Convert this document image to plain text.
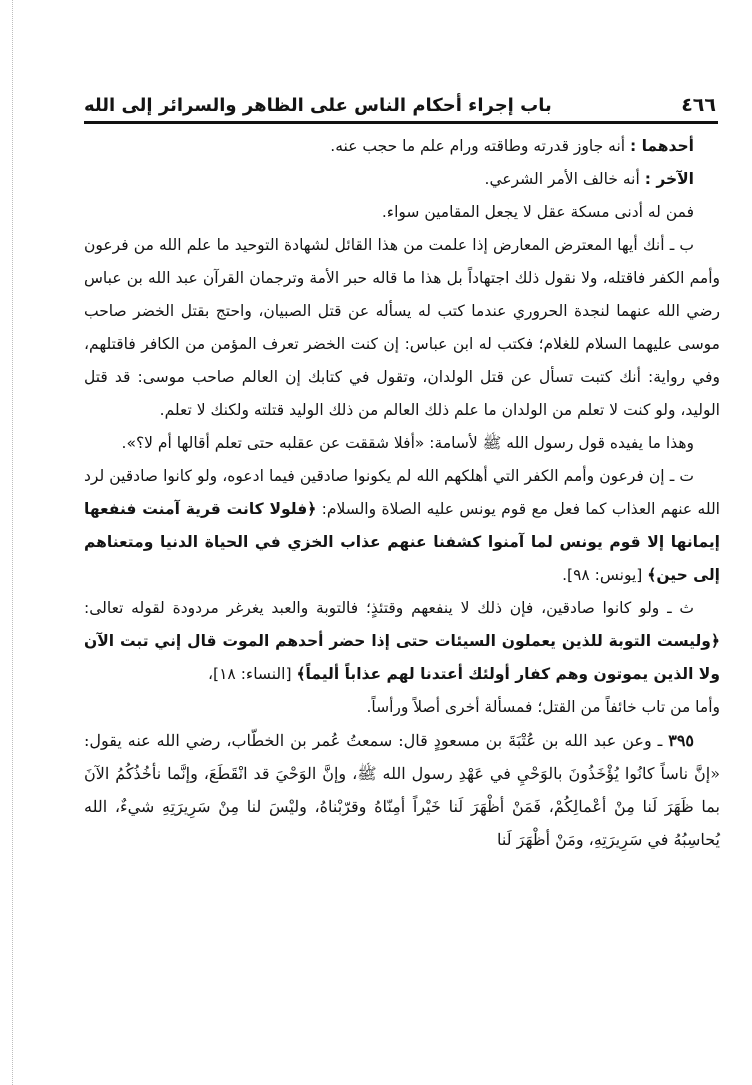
٤٦٦
باب إجراء أحكام الناس على الظاهر والسرائر إلى الله

أحدهما : أنه جاوز قدرته وطاقته ورام علم ما حجب عنه.

الآخر : أنه خالف الأمر الشرعي.

فمن له أدنى مسكة عقل لا يجعل المقامين سواء.

ب ـ أنك أيها المعترض المعارض إذا علمت من هذا القائل لشهادة التوحيد ما علم الله من فرعون وأمم الكفر فاقتله، ولا نقول ذلك اجتهاداً بل هذا ما قاله حبر الأمة وترجمان القرآن عبد الله بن عباس رضي الله عنهما لنجدة الحروري عندما كتب له يسأله عن قتل الصبيان، واحتج بقتل الخضر صاحب موسى عليهما السلام للغلام؛ فكتب له ابن عباس: إن كنت الخضر تعرف المؤمن من الكافر فاقتلهم، وفي رواية: أنك كتبت تسأل عن قتل الولدان، وتقول في كتابك إن العالم صاحب موسى: قد قتل الوليد، ولو كنت لا تعلم من الولدان ما علم ذلك العالم من ذلك الوليد قتلته ولكنك لا تعلم.

وهذا ما يفيده قول رسول الله ﷺ لأسامة: «أفلا شققت عن عقلبه حتى تعلم أقالها أم لا؟».

ت ـ إن فرعون وأمم الكفر التي أهلكهم الله لم يكونوا صادقين فيما ادعوه، ولو كانوا صادقين لرد الله عنهم العذاب كما فعل مع قوم يونس عليه الصلاة والسلام: ﴿فلولا كانت قرية آمنت فنفعها إيمانها إلا قوم يونس لما آمنوا كشفنا عنهم عذاب الخزي في الحياة الدنيا ومتعناهم إلى حين﴾ [يونس: ٩٨].

ث ـ ولو كانوا صادقين، فإن ذلك لا ينفعهم وقتئذٍ؛ فالتوبة والعبد يغرغر مردودة لقوله تعالى: ﴿وليست التوبة للذين يعملون السيئات حتى إذا حضر أحدهم الموت قال إني تبت الآن ولا الذين يموتون وهم كفار أولئك أعتدنا لهم عذاباً أليماً﴾ [النساء: ١٨]،

وأما من تاب خائفاً من القتل؛ فمسألة أخرى أصلاً ورأساً.

٣٩٥ ـ وعن عبد الله بن عُتْبَةَ بن مسعودٍ قال: سمعتُ عُمر بن الخطّاب، رضي الله عنه يقول: «إنَّ ناساً كانُوا يُؤْخَذُونَ بالوَحْيِ في عَهْدِ رسول الله ﷺ، وإنَّ الوَحْيَ قد انْقَطَعَ، وإنَّما نأخُذُكُمُ الآنَ بما ظَهَرَ لَنا مِنْ أعْمالِكُمْ، فَمَنْ أظْهَرَ لَنا خَيْراً أمِنّاهُ وقرّبْناهُ، وليْسَ لنا مِنْ سَرِيرَتِهِ شيءٌ، الله يُحاسِبُهُ في سَرِيرَتِهِ، ومَنْ أظْهَرَ لَنا
